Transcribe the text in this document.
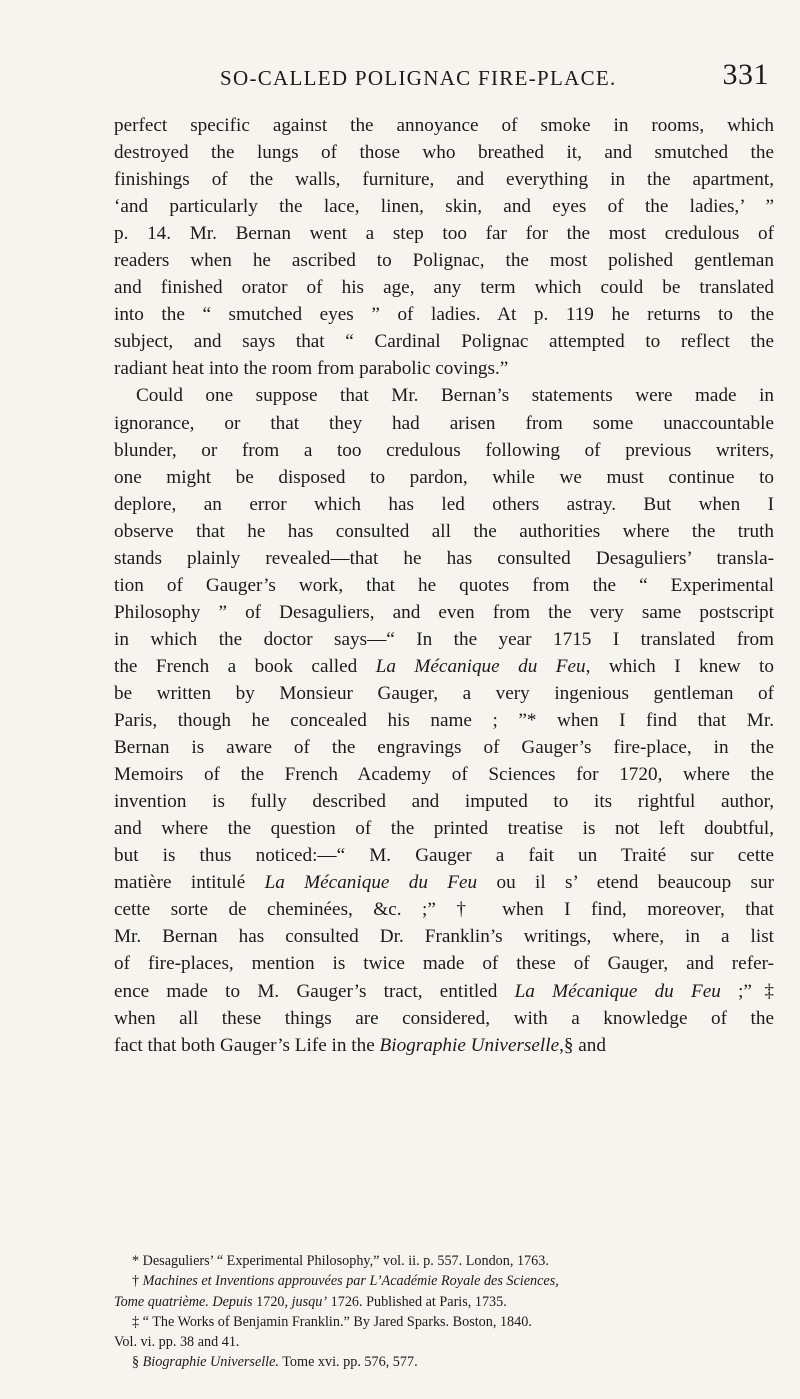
SO-CALLED POLIGNAC FIRE-PLACE.	331
perfect specific against the annoyance of smoke in rooms, which
destroyed the lungs of those who breathed it, and smutched the
finishings of the walls, furniture, and everything in the apartment,
‘and particularly the lace, linen, skin, and eyes of the ladies,’ ”
p. 14. Mr. Bernan went a step too far for the most credulous of
readers when he ascribed to Polignac, the most polished gentleman
and finished orator of his age, any term which could be translated
into the “ smutched eyes ” of ladies. At p. 119 he returns to the
subject, and says that “ Cardinal Polignac attempted to reflect the
radiant heat into the room from parabolic covings.”
Could one suppose that Mr. Bernan’s statements were made in
ignorance, or that they had arisen from some unaccountable
blunder, or from a too credulous following of previous writers,
one might be disposed to pardon, while we must continue to
deplore, an error which has led others astray. But when I
observe that he has consulted all the authorities where the truth
stands plainly revealed—that he has consulted Desaguliers’ transla-
tion of Gauger’s work, that he quotes from the “ Experimental
Philosophy ” of Desaguliers, and even from the very same postscript
in which the doctor says—“ In the year 1715 I translated from
the French a book called La Mécanique du Feu, which I knew to
be written by Monsieur Gauger, a very ingenious gentleman of
Paris, though he concealed his name ; ”* when I find that Mr.
Bernan is aware of the engravings of Gauger’s fire-place, in the
Memoirs of the French Academy of Sciences for 1720, where the
invention is fully described and imputed to its rightful author,
and where the question of the printed treatise is not left doubtful,
but is thus noticed:—“ M. Gauger a fait un Traité sur cette
matière intitulé La Mécanique du Feu ou il s’ etend beaucoup sur
cette sorte de cheminées, &c. ;” † when I find, moreover, that
Mr. Bernan has consulted Dr. Franklin’s writings, where, in a list
of fire-places, mention is twice made of these of Gauger, and refer-
ence made to M. Gauger’s tract, entitled La Mécanique du Feu ;”‡
when all these things are considered, with a knowledge of the
fact that both Gauger’s Life in the Biographie Universelle,§ and
* Desaguliers’ “ Experimental Philosophy,” vol. ii. p. 557. London, 1763.
† Machines et Inventions approuvées par L’Académie Royale des Sciences,
Tome quatrième. Depuis 1720, jusqu’ 1726. Published at Paris, 1735.
‡ “ The Works of Benjamin Franklin.” By Jared Sparks. Boston, 1840.
Vol. vi. pp. 38 and 41.
§ Biographie Universelle. Tome xvi. pp. 576, 577.
